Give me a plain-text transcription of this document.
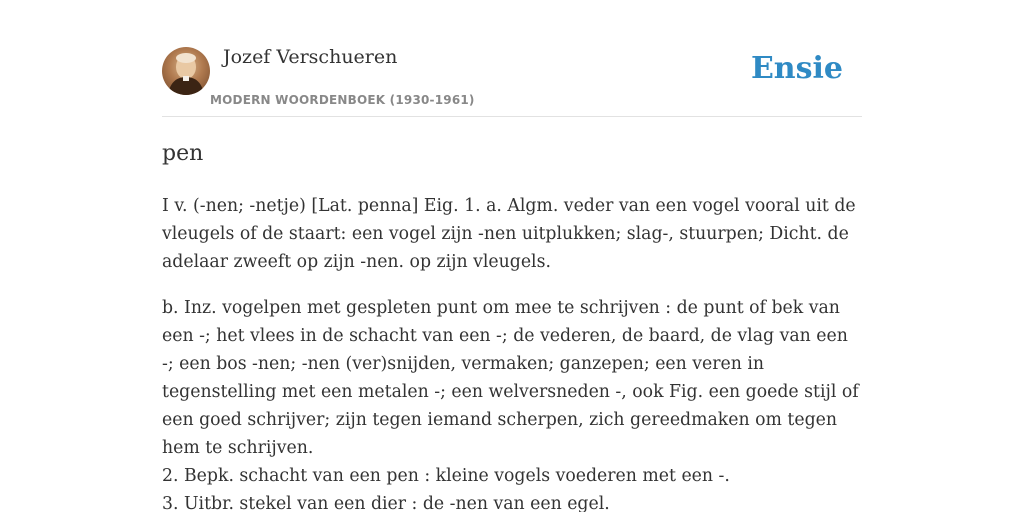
Jozef Verschueren
MODERN WOORDENBOEK (1930-1961)
Ensie
pen

I v. (-nen; -netje) [Lat. penna] Eig. 1. a. Algm. veder van een vogel vooral uit de vleugels of de staart: een vogel zijn -nen uitplukken; slag-, stuurpen; Dicht. de adelaar zweeft op zijn -nen. op zijn vleugels.

b. Inz. vogelpen met gespleten punt om mee te schrijven : de punt of bek van een -; het vlees in de schacht van een -; de vederen, de baard, de vlag van een -; een bos -nen; -nen (ver)snijden, vermaken; ganzepen; een veren in tegenstelling met een metalen -; een welversneden -, ook Fig. een goede stijl of een goed schrijver; zijn tegen iemand scherpen, zich gereedmaken om tegen hem te schrijven.
2. Bepk. schacht van een pen : kleine vogels voederen met een -.
3. Uitbr. stekel van een dier : de -nen van een egel.
